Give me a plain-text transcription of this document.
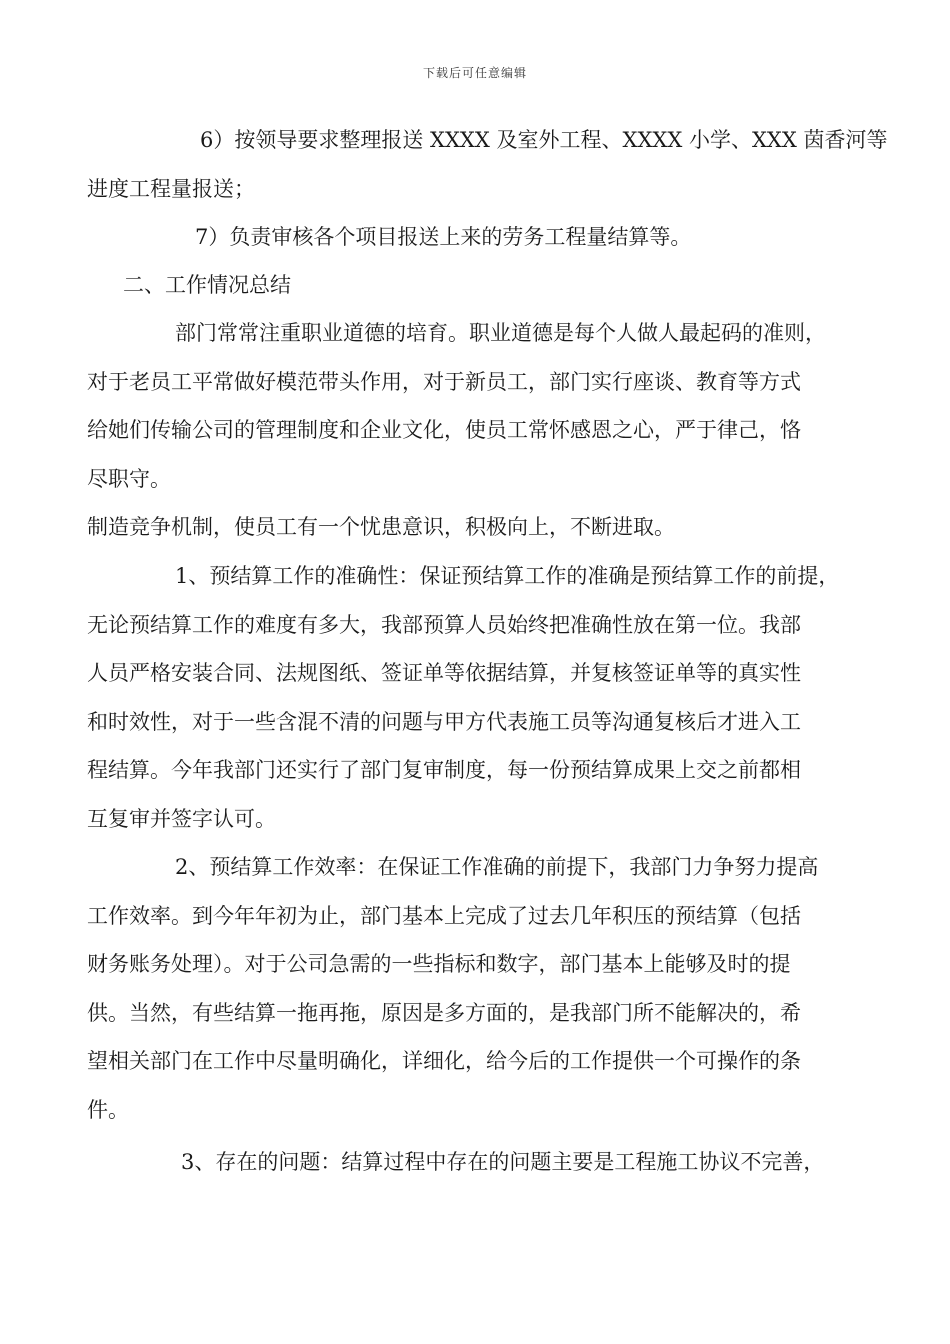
下载后可任意编辑

6）按领导要求整理报送 XXXX 及室外工程、XXXX 小学、XXX 茵香河等
进度工程量报送；

7）负责审核各个项目报送上来的劳务工程量结算等。

二、工作情况总结

部门常常注重职业道德的培育。职业道德是每个人做人最起码的准则，
对于老员工平常做好模范带头作用，对于新员工，部门实行座谈、教育等方式
给她们传输公司的管理制度和企业文化，使员工常怀感恩之心，严于律己，恪
尽职守。

制造竞争机制，使员工有一个忧患意识，积极向上，不断进取。

1、预结算工作的准确性：保证预结算工作的准确是预结算工作的前提，
无论预结算工作的难度有多大，我部预算人员始终把准确性放在第一位。我部
人员严格安装合同、法规图纸、签证单等依据结算，并复核签证单等的真实性
和时效性，对于一些含混不清的问题与甲方代表施工员等沟通复核后才进入工
程结算。今年我部门还实行了部门复审制度，每一份预结算成果上交之前都相
互复审并签字认可。

2、预结算工作效率：在保证工作准确的前提下，我部门力争努力提高
工作效率。到今年年初为止，部门基本上完成了过去几年积压的预结算（包括
财务账务处理）。对于公司急需的一些指标和数字，部门基本上能够及时的提
供。当然，有些结算一拖再拖，原因是多方面的，是我部门所不能解决的，希
望相关部门在工作中尽量明确化，详细化，给今后的工作提供一个可操作的条
件。

3、存在的问题：结算过程中存在的问题主要是工程施工协议不完善，
